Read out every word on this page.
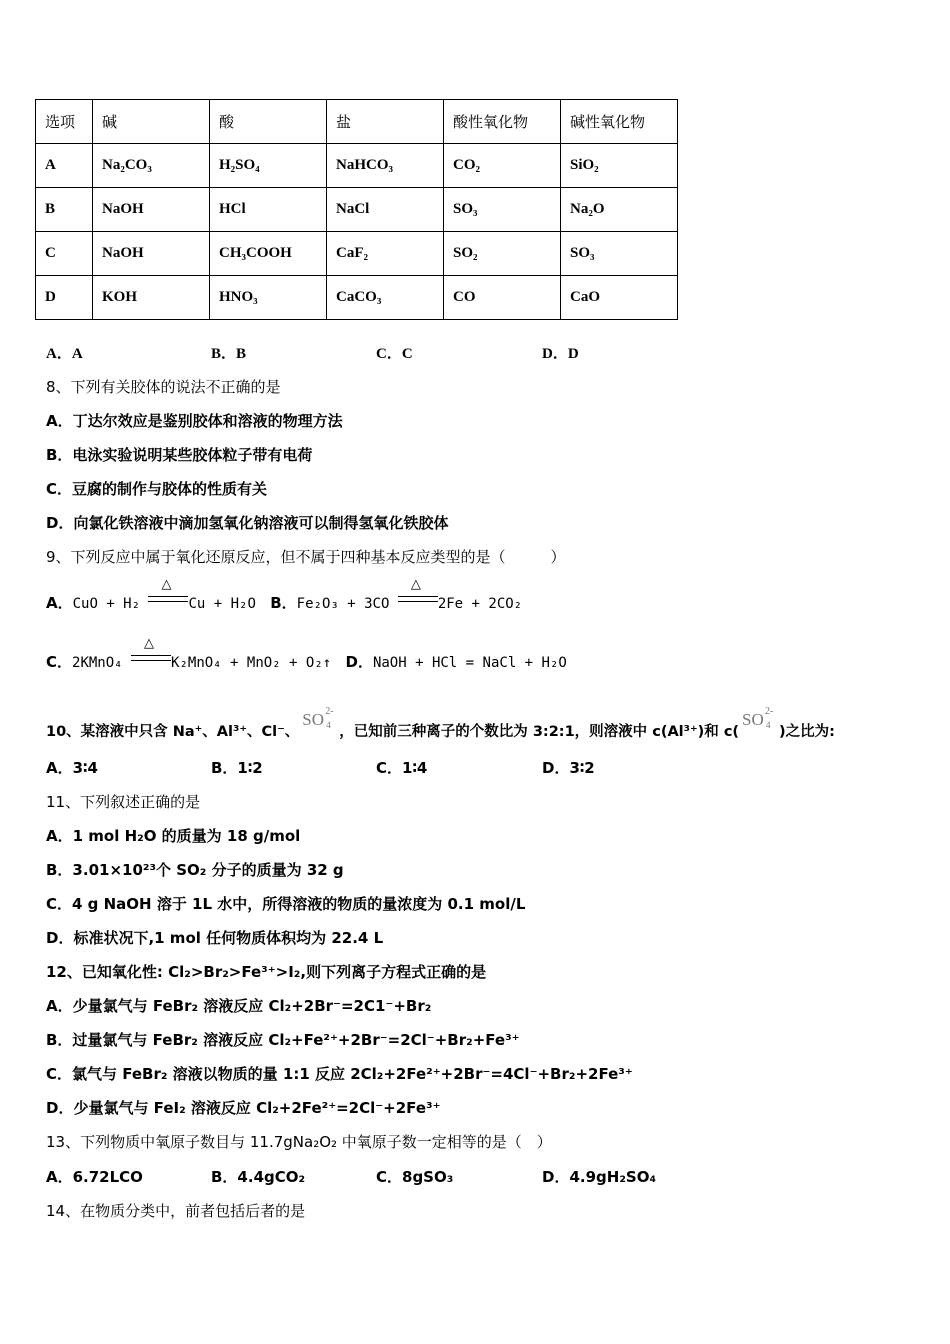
选项	碱	酸	盐	酸性氧化物	碱性氧化物
A	Na₂CO₃	H₂SO₄	NaHCO₃	CO₂	SiO₂
B	NaOH	HCl	NaCl	SO₃	Na₂O
C	NaOH	CH₃COOH	CaF₂	SO₂	SO₃
D	KOH	HNO₃	CaCO₃	CO	CaO
A．A	B．B	C．C	D．D
8、下列有关胶体的说法不正确的是
A．丁达尔效应是鉴别胶体和溶液的物理方法
B．电泳实验说明某些胶体粒子带有电荷
C．豆腐的制作与胶体的性质有关
D．向氯化铁溶液中滴加氢氧化钠溶液可以制得氢氧化铁胶体
9、下列反应中属于氧化还原反应，但不属于四种基本反应类型的是（　　　）
A．CuO + H₂
△
Cu + H₂O B．Fe₂O₃ + 3CO
△
2Fe + 2CO₂
C．2KMnO₄
△
K₂MnO₄ + MnO₂ + O₂↑ D．NaOH + HCl = NaCl + H₂O
10、某溶液中只含 Na⁺、Al³⁺、Cl⁻、
SO 2-
4 ，已知前三种离子的个数比为 3:2:1，则溶液中 c(Al³⁺)和 c(
SO 2-
4 )之比为:
A．3∶4	B．1∶2	C．1∶4	D．3∶2
11、下列叙述正确的是
A．1 mol H₂O 的质量为 18 g/mol
B．3.01×10²³个 SO₂ 分子的质量为 32 g
C．4 g NaOH 溶于 1L 水中，所得溶液的物质的量浓度为 0.1 mol/L
D．标准状况下,1 mol 任何物质体积均为 22.4 L
12、已知氧化性: Cl₂>Br₂>Fe³⁺>I₂,则下列离子方程式正确的是
A．少量氯气与 FeBr₂ 溶液反应 Cl₂+2Br⁻=2C1⁻+Br₂
B．过量氯气与 FeBr₂ 溶液反应 Cl₂+Fe²⁺+2Br⁻=2Cl⁻+Br₂+Fe³⁺
C．氯气与 FeBr₂ 溶液以物质的量 1:1 反应 2Cl₂+2Fe²⁺+2Br⁻=4Cl⁻+Br₂+2Fe³⁺
D．少量氯气与 FeI₂ 溶液反应 Cl₂+2Fe²⁺=2Cl⁻+2Fe³⁺
13、下列物质中氧原子数目与 11.7gNa₂O₂ 中氧原子数一定相等的是（　）
A．6.72LCO	B．4.4gCO₂	C．8gSO₃	D．4.9gH₂SO₄
14、在物质分类中，前者包括后者的是
